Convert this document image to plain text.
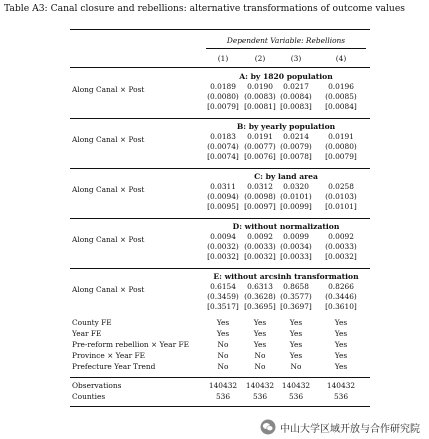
Table A3: Canal closure and rebellions: alternative transformations of outcome values
Dependent Variable: Rebellions
(1)	(2)	(3)	(4)
A: by 1820 population
Along Canal × Post	0.0189	0.0190	0.0217	0.0196
(0.0080) (0.0083) (0.0084)	(0.0085)
[0.0079] [0.0081] [0.0083]	[0.0084]
B: by yearly population
Along Canal × Post	0.0183	0.0191	0.0214	0.0191
(0.0074) (0.0077) (0.0079)	(0.0080)
[0.0074] [0.0076] [0.0078]	[0.0079]
C: by land area
Along Canal × Post	0.0311	0.0312	0.0320	0.0258
(0.0094) (0.0098) (0.0101)	(0.0103)
[0.0095] [0.0097] [0.0099]	[0.0101]
D: without normalization
Along Canal × Post	0.0094	0.0092	0.0099	0.0092
(0.0032) (0.0033) (0.0034)	(0.0033)
[0.0032] [0.0032] [0.0033]	[0.0032]
E: without arcsinh transformation
Along Canal × Post	0.6154	0.6313	0.8658	0.8266
(0.3459) (0.3628) (0.3577)	(0.3446)
[0.3517] [0.3695] [0.3697]	[0.3610]
County FE	Yes	Yes	Yes	Yes
Year FE	Yes	Yes	Yes	Yes
Pre-reform rebellion × Year FE	No	Yes	Yes	Yes
Province × Year FE	No	No	Yes	Yes
Prefecture Year Trend	No	No	No	Yes
Observations	140432	140432	140432	140432
Counties	536	536	536	536
中山大学区域开放与合作研究院
